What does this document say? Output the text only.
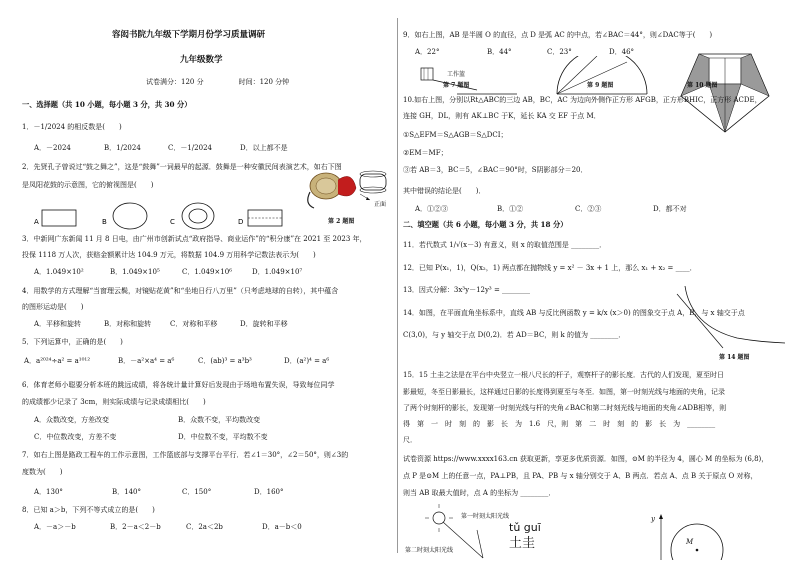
容闳书院九年级下学期月份学习质量调研
九年级数学
试卷满分：120 分　　　　　时间：120 分钟
一、选择题（共 10 小题，每小题 3 分，共 30 分）
1．－1/2024 的相反数是(　　)
A．－2024	B．1/2024	C．－1/2024	D．以上都不是
2．先贤孔子曾说过“鼓之舞之”，这是“鼓舞”一词最早的起源．鼓舞是一种安徽民间表演艺术，如右下图
是凤阳花鼓的示意图，它的俯视图是(　　)
A	B	C	D
正面
第 2 题图
3．中新网广东新闻 11 月 8 日电，由广州市创新试点“政府指导、商业运作”的“积分康”在 2021 至 2023 年，
投保 1118 万人次，获赔金额累计达 104.9 万元，将数据 104.9 万用科学记数法表示为(　　)
A．1.049×10²	B．1.049×10⁵	C．1.049×10⁶	D．1.049×10⁷
4．用数学的方式理解“当窗理云鬓，对镜贴花黄”和“坐地日行八万里”（只考虑地球的自转），其中蕴含
的图形运动是(　　)
A．平移和旋转	B．对称和旋转	C．对称和平移	D．旋转和平移
5．下列运算中，正确的是(　　)
A．a²⁰²⁴÷a² = a¹⁰¹²	B．－a²×a⁴ = a⁶	C．(ab)³ = a³b³	D．(a²)⁴ = a⁶
6．体育老师小聪要分析本班的跳远成绩，将各统计量计算好后发现由于场地布置失误，导致每位同学
的成绩都少记录了 3cm，则实际成绩与记录成绩相比(　　)
A．众数改变，方差改变	B．众数不变，平均数改变
C．中位数改变，方差不变	D．中位数不变，平均数不变
7．如右上图是路政工程车的工作示意图，工作篮底部与支撑平台平行．若∠1＝30°，∠2＝50°，则∠3的
度数为(　　)
A．130°	B．140°	C．150°	D．160°
8．已知 a＞b，下列不等式成立的是(　　)
A．－a＞－b	B．2－a＜2－b	C．2a＜2b	D．a－b＜0
9．如右上图，AB 是半圆 O 的直径，点 D 是弧 AC 的中点，若∠BAC＝44°，则∠DAC等于(　　)
A．22°	B．44°	C．23°	D．46°
工作篮
第 7 题图	第 9 题图	第 10 题图
10.如右上图，分别以Rt△ABC的三边 AB，BC，AC 为边向外侧作正方形 AFGB，正方形BHIC，正方形 ACDE，
连接 GH，DL，则有 AK⊥BC 于K，延长 KA 交 EF 于点 M．
①S△EFM＝S△AGB＝S△DCI；
②EM＝MF；
③若 AB＝3，BC＝5，∠BAC＝90°时，S阴影部分＝20．
其中错误的结论是(　　)．
A．①②③	B．①②	C．②③	D．都不对
二、填空题（共 6 小题，每小题 3 分，共 18 分）
11．若代数式 1/√(x－3) 有意义，则 x 的取值范围是 ________．
12．已知 P(x₁，1)，Q(x₂，1) 两点都在抛物线 y = x² － 3x + 1 上，那么 x₁ + x₂ = ____．
13．因式分解：3x³y－12y³ = ________
14．如图，在平面直角坐标系中，直线 AB 与反比例函数 y = k/x (x＞0) 的图象交于点 A，B，与 x 轴交于点
C(3,0)，与 y 轴交于点 D(0,2)．若 AD＝BC，则 k 的值为 ________．
第 14 题图
15．15 土圭之法是在平台中央竖立一根八尺长的杆子，观察杆子的影长度．古代的人们发现，夏至时日
影最短，冬至日影最长，这样通过日影的长度得到夏至与冬至．如图，第一时刻光线与地面的夹角，记录
了两个时刻杆的影长，发现第一时刻光线与杆的夹角∠BAC和第二时刻光线与地面的夹角∠ADB相等，则
得　第　一　时　刻　的　影　长　为　1.6　尺，则　第　二　时　刻　的　影　长　为　________
尺．
试卷资源 https://www.xxxx163.cn 获取更新，享更多优质资源．如图，⊙M 的半径为 4，圆心 M 的坐标为 (6,8)，
点 P 是⊙M 上的任意一点，PA⊥PB，且 PA、PB 与 x 轴分别交于 A、B 两点．若点 A、点 B 关于原点 O 对称，
则当 AB 取最大值时，点 A 的坐标为 ________．
第一时刻太阳光线
第二时刻太阳光线
tǔ guī
土圭
y
M
